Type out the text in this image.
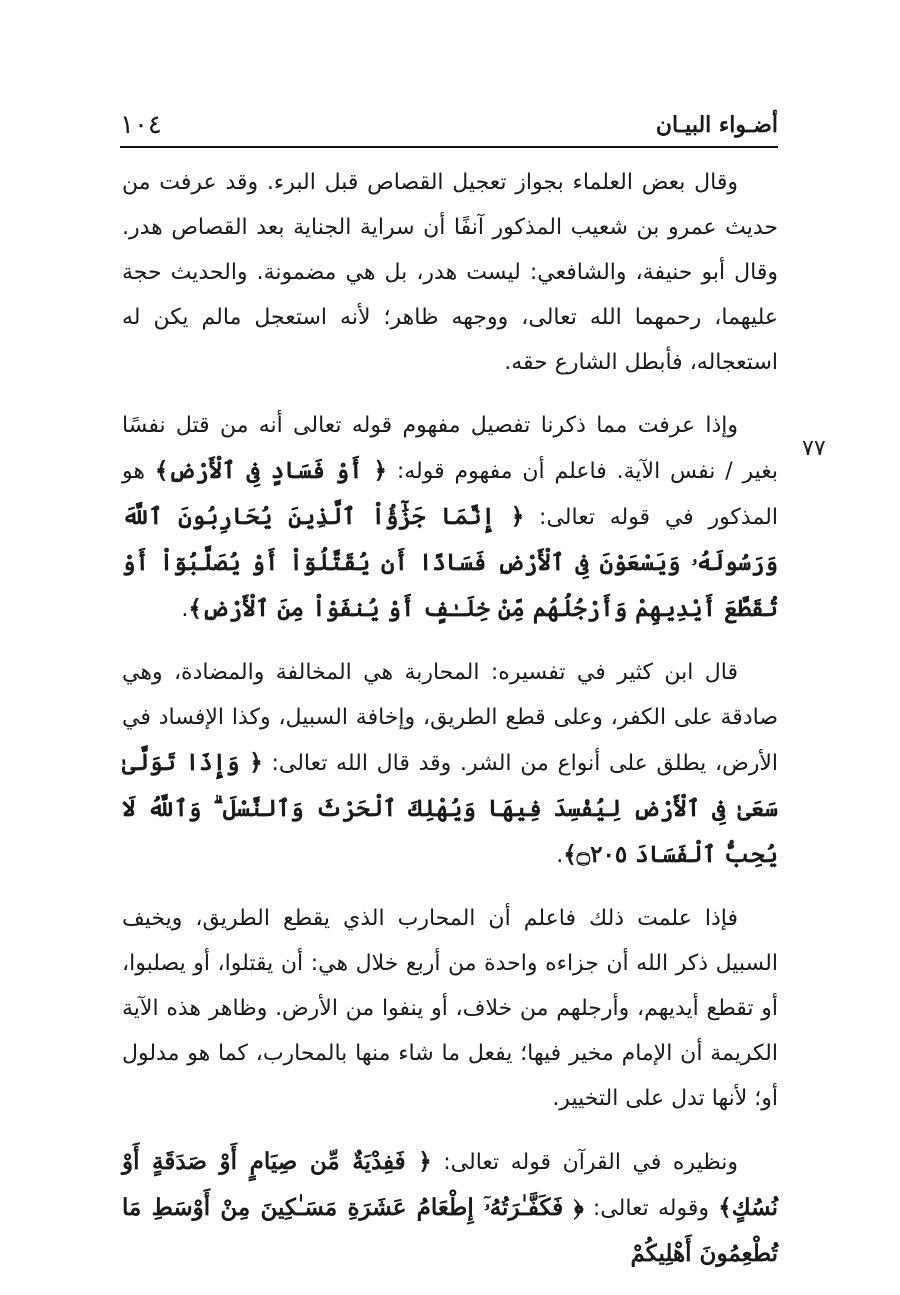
١٠٤	أضـواء البيـان
٧٧
وقال بعض العلماء بجواز تعجيل القصاص قبل البرء. وقد عرفت من حديث عمرو بن شعيب المذكور آنفًا أن سراية الجناية بعد القصاص هدر. وقال أبو حنيفة، والشافعي: ليست هدر، بل هي مضمونة. والحديث حجة عليهما، رحمهما الله تعالى، ووجهه ظاهر؛ لأنه استعجل مالم يكن له استعجاله، فأبطل الشارع حقه.
وإذا عرفت مما ذكرنا تفصيل مفهوم قوله تعالى أنه من قتل نفسًا بغير / نفس الآية. فاعلم أن مفهوم قوله: ﴿ أَوْ فَسَادٍ فِى ٱلْأَرْضِ﴾ هو المذكور في قوله تعالى: ﴿ إِنَّمَا جَزَٰٓؤُاْ ٱلَّذِينَ يُحَارِبُونَ ٱللَّهَ وَرَسُولَهُۥ وَيَسْعَوْنَ فِى ٱلْأَرْضِ فَسَادًا أَن يُقَتَّلُوٓاْ أَوْ يُصَلَّبُوٓاْ أَوْ تُقَطَّعَ أَيْدِيهِمْ وَأَرْجُلُهُم مِّنْ خِلَـٰفٍ أَوْ يُنفَوْاْ مِنَ ٱلْأَرْضِ﴾.
قال ابن كثير في تفسيره: المحاربة هي المخالفة والمضادة، وهي صادقة على الكفر، وعلى قطع الطريق، وإخافة السبيل، وكذا الإفساد في الأرض، يطلق على أنواع من الشر. وقد قال الله تعالى: ﴿ وَإِذَا تَوَلَّىٰ سَعَىٰ فِى ٱلْأَرْضِ لِيُفْسِدَ فِيهَا وَيُهْلِكَ ٱلْحَرْثَ وَٱلنَّسْلَ ۗ وَٱللَّهُ لَا يُحِبُّ ٱلْفَسَادَ ۝٢٠٥﴾.
فإذا علمت ذلك فاعلم أن المحارب الذي يقطع الطريق، ويخيف السبيل ذكر الله أن جزاءه واحدة من أربع خلال هي: أن يقتلوا، أو يصلبوا، أو تقطع أيديهم، وأرجلهم من خلاف، أو ينفوا من الأرض. وظاهر هذه الآية الكريمة أن الإمام مخير فيها؛ يفعل ما شاء منها بالمحارب، كما هو مدلول أو؛ لأنها تدل على التخيير.
ونظيره في القرآن قوله تعالى: ﴿ فَفِدْيَةٌ مِّن صِيَامٍ أَوْ صَدَقَةٍ أَوْ نُسُكٍ﴾ وقوله تعالى: ﴿ فَكَفَّـٰرَتُهُۥٓ إِطْعَامُ عَشَرَةِ مَسَـٰكِينَ مِنْ أَوْسَطِ مَا تُطْعِمُونَ أَهْلِيكُمْ
